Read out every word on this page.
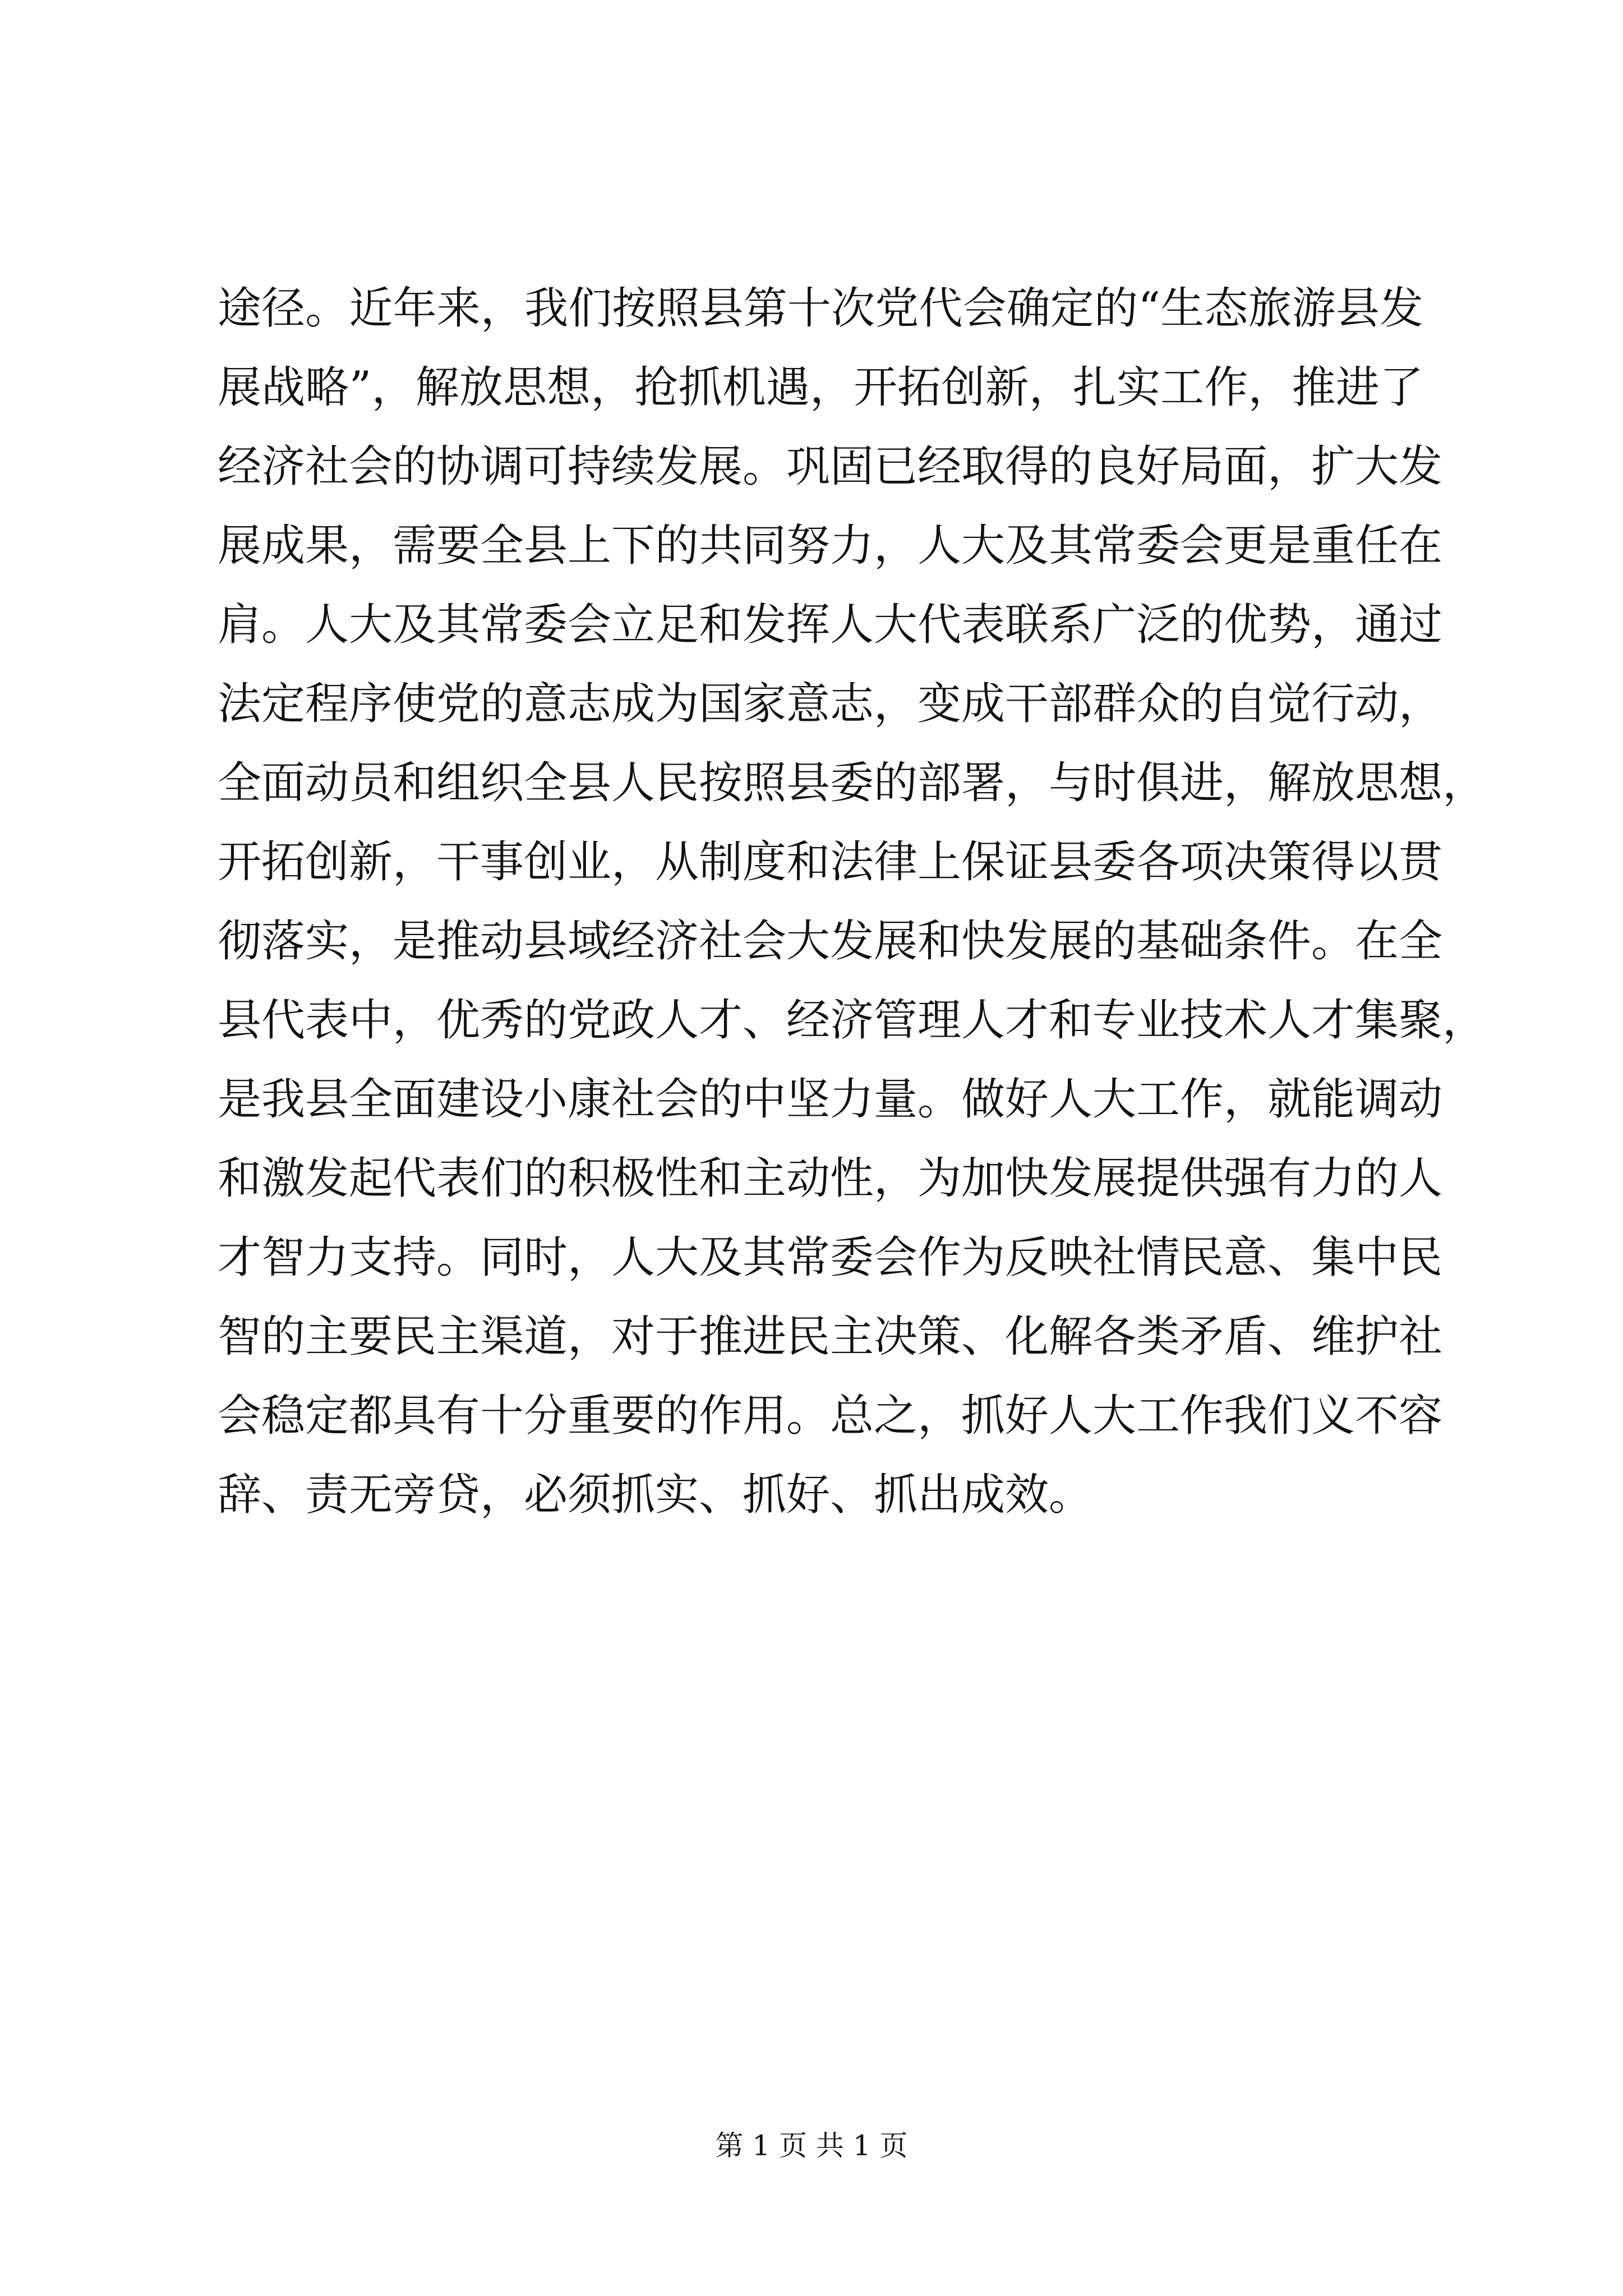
途径。近年来，我们按照县第十次党代会确定的“生态旅游县发
展战略”，解放思想，抢抓机遇，开拓创新，扎实工作，推进了
经济社会的协调可持续发展。巩固已经取得的良好局面，扩大发
展成果，需要全县上下的共同努力，人大及其常委会更是重任在
肩。人大及其常委会立足和发挥人大代表联系广泛的优势，通过
法定程序使党的意志成为国家意志，变成干部群众的自觉行动，
全面动员和组织全县人民按照县委的部署，与时俱进，解放思想，
开拓创新，干事创业，从制度和法律上保证县委各项决策得以贯
彻落实，是推动县域经济社会大发展和快发展的基础条件。在全
县代表中，优秀的党政人才、经济管理人才和专业技术人才集聚，
是我县全面建设小康社会的中坚力量。做好人大工作，就能调动
和激发起代表们的积极性和主动性，为加快发展提供强有力的人
才智力支持。同时，人大及其常委会作为反映社情民意、集中民
智的主要民主渠道，对于推进民主决策、化解各类矛盾、维护社
会稳定都具有十分重要的作用。总之，抓好人大工作我们义不容
辞、责无旁贷，必须抓实、抓好、抓出成效。
第 1 页 共 1 页
